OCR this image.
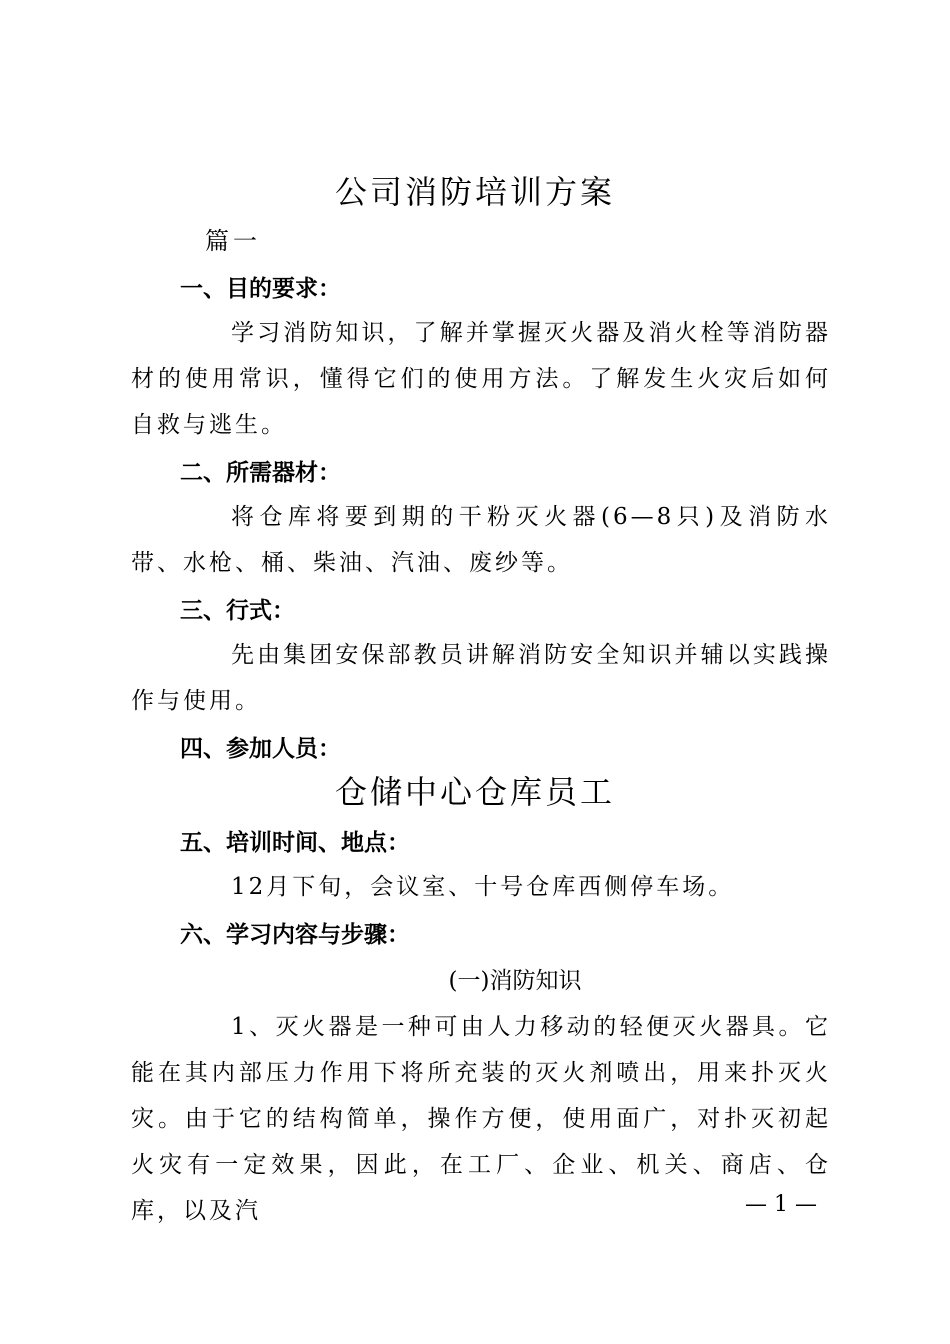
公司消防培训方案
篇一
一、目的要求：
学习消防知识，了解并掌握灭火器及消火栓等消防器材的使用常识，懂得它们的使用方法。了解发生火灾后如何自救与逃生。
二、所需器材：
将仓库将要到期的干粉灭火器(6—8只)及消防水带、水枪、桶、柴油、汽油、废纱等。
三、行式：
先由集团安保部教员讲解消防安全知识并辅以实践操作与使用。
四、参加人员：
仓储中心仓库员工
五、培训时间、地点：
12月下旬，会议室、十号仓库西侧停车场。
六、学习内容与步骤：
(一)消防知识
1、灭火器是一种可由人力移动的轻便灭火器具。它能在其内部压力作用下将所充装的灭火剂喷出，用来扑灭火灾。由于它的结构简单，操作方便，使用面广，对扑灭初起火灾有一定效果，因此，在工厂、企业、机关、商店、仓库，以及汽	— 1 —
